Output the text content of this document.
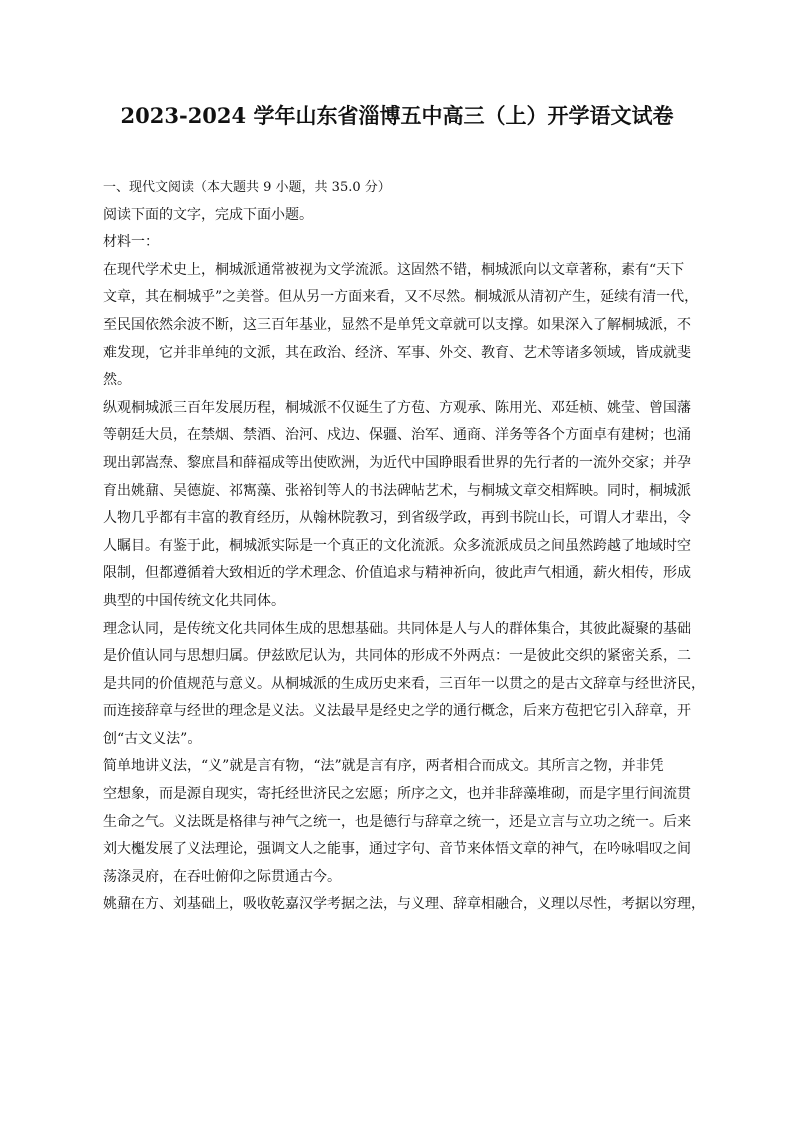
2023-2024 学年山东省淄博五中高三（上）开学语文试卷

一、现代文阅读（本大题共 9 小题，共 35.0 分）

阅读下面的文字，完成下面小题。

材料一：

在现代学术史上，桐城派通常被视为文学流派。这固然不错，桐城派向以文章著称，素有“天下

文章，其在桐城乎”之美誉。但从另一方面来看，又不尽然。桐城派从清初产生，延续有清一代，

至民国依然余波不断，这三百年基业，显然不是单凭文章就可以支撑。如果深入了解桐城派，不

难发现，它并非单纯的文派，其在政治、经济、军事、外交、教育、艺术等诸多领域，皆成就斐

然。

纵观桐城派三百年发展历程，桐城派不仅诞生了方苞、方观承、陈用光、邓廷桢、姚莹、曾国藩

等朝廷大员，在禁烟、禁酒、治河、戍边、保疆、治军、通商、洋务等各个方面卓有建树；也涌

现出郭嵩焘、黎庶昌和薛福成等出使欧洲，为近代中国睁眼看世界的先行者的一流外交家；并孕

育出姚鼐、吴德旋、祁寯藻、张裕钊等人的书法碑帖艺术，与桐城文章交相辉映。同时，桐城派

人物几乎都有丰富的教育经历，从翰林院教习，到省级学政，再到书院山长，可谓人才辈出，令

人瞩目。有鉴于此，桐城派实际是一个真正的文化流派。众多流派成员之间虽然跨越了地域时空

限制，但都遵循着大致相近的学术理念、价值追求与精神祈向，彼此声气相通，薪火相传，形成

典型的中国传统文化共同体。

理念认同，是传统文化共同体生成的思想基础。共同体是人与人的群体集合，其彼此凝聚的基础

是价值认同与思想归属。伊兹欧尼认为，共同体的形成不外两点：一是彼此交织的紧密关系，二

是共同的价值规范与意义。从桐城派的生成历史来看，三百年一以贯之的是古文辞章与经世济民，

而连接辞章与经世的理念是义法。义法最早是经史之学的通行概念，后来方苞把它引入辞章，开

创“古文义法”。

简单地讲义法，“义”就是言有物，“法”就是言有序，两者相合而成文。其所言之物，并非凭

空想象，而是源自现实，寄托经世济民之宏愿；所序之文，也并非辞藻堆砌，而是字里行间流贯

生命之气。义法既是格律与神气之统一，也是德行与辞章之统一，还是立言与立功之统一。后来

刘大櫆发展了义法理论，强调文人之能事，通过字句、音节来体悟文章的神气，在吟咏唱叹之间

荡涤灵府，在吞吐俯仰之际贯通古今。

姚鼐在方、刘基础上，吸收乾嘉汉学考据之法，与义理、辞章相融合，义理以尽性，考据以穷理，
